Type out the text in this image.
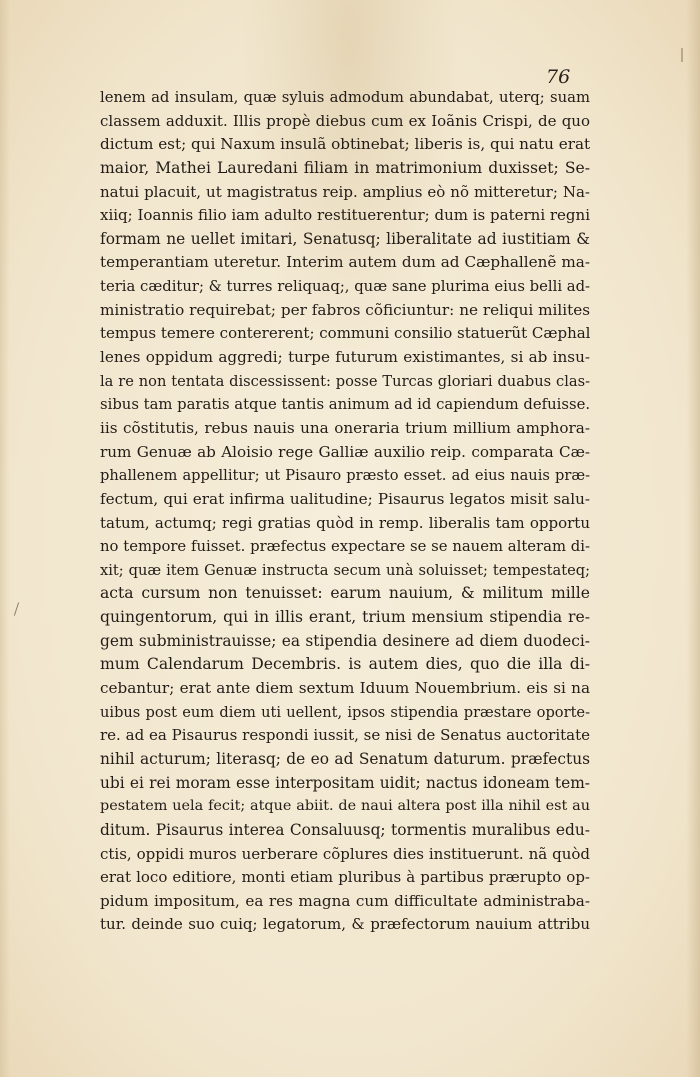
76
lenem ad insulam, quæ syluis admodum abundabat, uterq; suam
classem adduxit. Illis propè diebus cum ex Ioãnis Crispi, de quo
dictum est; qui Naxum insulã obtinebat; liberis is, qui natu erat
maior, Mathei Lauredani filiam in matrimonium duxisset; Se-
natui placuit, ut magistratus reip. amplius eò nõ mitteretur; Na-
xiiq; Ioannis filio iam adulto restituerentur; dum is paterni regni
formam ne uellet imitari, Senatusq; liberalitate ad iustitiam &
temperantiam uteretur. Interim autem dum ad Cæphallenẽ ma-
teria cæditur; & turres reliquaq;, quæ sane plurima eius belli ad-
ministratio requirebat; per fabros cõficiuntur: ne reliqui milites
tempus temere contererent; communi consilio statuerũt Cæphal
lenes oppidum aggredi; turpe futurum existimantes, si ab insu-
la re non tentata discessissent: posse Turcas gloriari duabus clas-
sibus tam paratis atque tantis animum ad id capiendum defuisse.
iis cõstitutis, rebus nauis una oneraria trium millium amphora-
rum Genuæ ab Aloisio rege Galliæ auxilio reip. comparata Cæ-
phallenem appellitur; ut Pisauro præsto esset. ad eius nauis præ-
fectum, qui erat infirma ualitudine; Pisaurus legatos misit salu-
tatum, actumq; regi gratias quòd in remp. liberalis tam opportu
no tempore fuisset. præfectus expectare se se nauem alteram di-
xit; quæ item Genuæ instructa secum unà soluisset; tempestateq;
acta cursum non tenuisset: earum nauium, & militum mille
quingentorum, qui in illis erant, trium mensium stipendia re-
gem subministrauisse; ea stipendia desinere ad diem duodeci-
mum Calendarum Decembris. is autem dies, quo die illa di-
cebantur; erat ante diem sextum Iduum Nouembrium. eis si na
uibus post eum diem uti uellent, ipsos stipendia præstare oporte-
re. ad ea Pisaurus respondi iussit, se nisi de Senatus auctoritate
nihil acturum; literasq; de eo ad Senatum daturum. præfectus
ubi ei rei moram esse interpositam uidit; nactus idoneam tem-
pestatem uela fecit; atque abiit. de naui altera post illa nihil est au
ditum. Pisaurus interea Consaluusq; tormentis muralibus edu-
ctis, oppidi muros uerberare cõplures dies instituerunt. nã quòd
erat loco editiore, monti etiam pluribus à partibus prærupto op-
pidum impositum, ea res magna cum difficultate administraba-
tur. deinde suo cuiq; legatorum, & præfectorum nauium attribu
